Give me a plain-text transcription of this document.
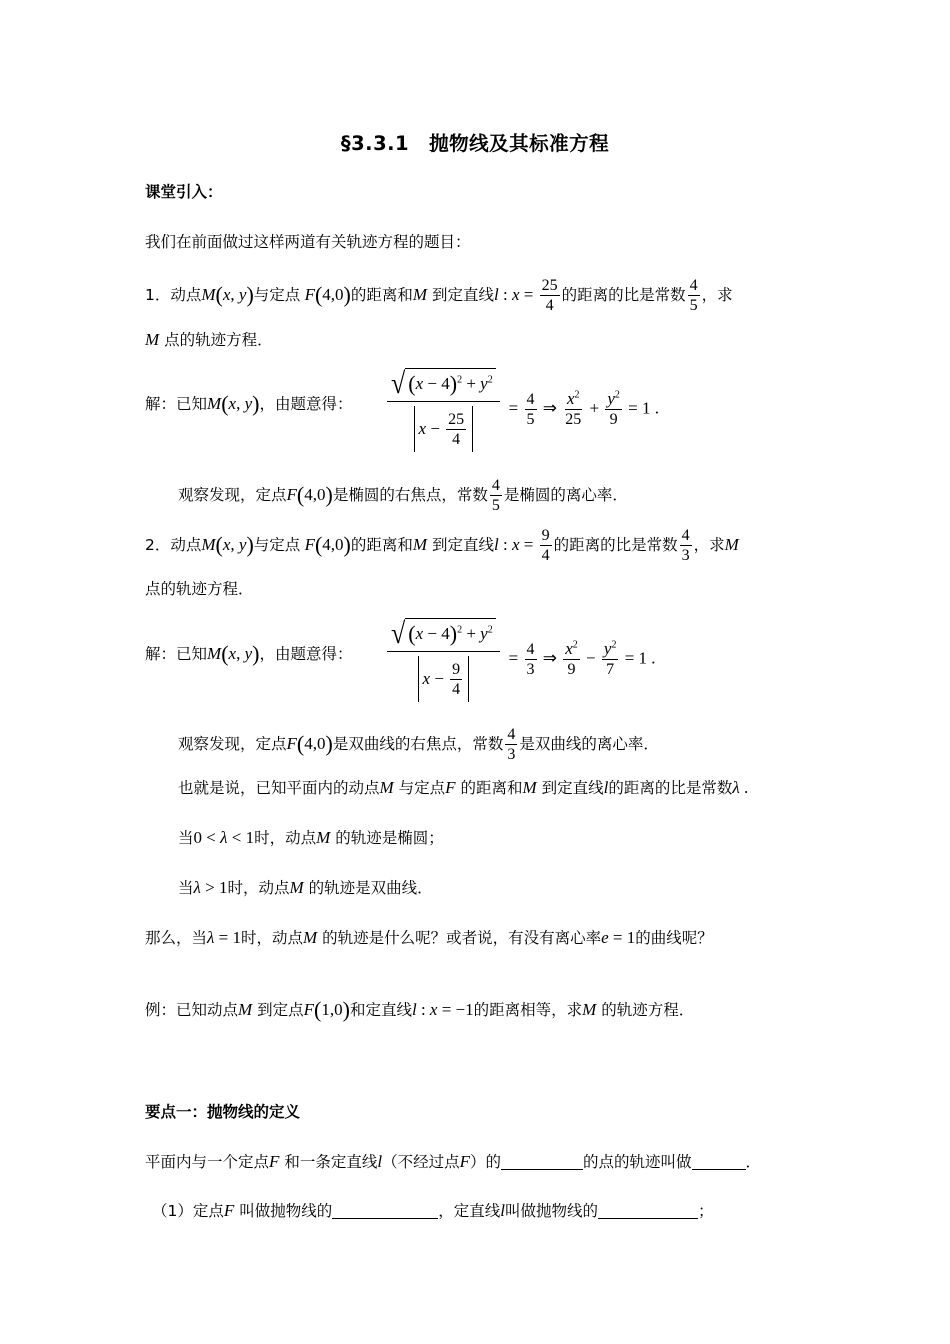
§3.3.1 抛物线及其标准方程
课堂引入：
我们在前面做过这样两道有关轨迹方程的题目：
1．动点M(x, y)与定点 F(4,0)的距离和M 到定直线l : $x = \frac{25}{4}$ 的距离的比是常数 $\frac{4}{5}$ ，求
M 点的轨迹方程．
解：已知M(x, y)，由题意得： $\frac{√ (x - 4)^2 + y^2}{x - \frac{25}{4}} = \frac{4}{5}$ ⇒ $\frac{x^2}{25} + \frac{y^2}{9} = 1$ .
观察发现，定点F(4,0)是椭圆的右焦点，常数 $\frac{4}{5}$ 是椭圆的离心率．
2．动点M(x, y)与定点 F(4,0)的距离和M 到定直线l : $x = \frac{9}{4}$ 的距离的比是常数 $\frac{4}{3}$ ，求M
点的轨迹方程．
解：已知M(x, y)，由题意得： $\frac{√ (x - 4)^2 + y^2}{x - \frac{9}{4}} = \frac{4}{3}$ ⇒ $\frac{x^2}{9} - \frac{y^2}{7} = 1$ .
观察发现，定点F(4,0)是双曲线的右焦点，常数 $\frac{4}{3}$ 是双曲线的离心率．
也就是说，已知平面内的动点M 与定点F 的距离和M 到定直线l的距离的比是常数λ .
当0 < λ < 1时，动点M 的轨迹是椭圆；
当λ > 1时，动点M 的轨迹是双曲线．
那么，当λ = 1时，动点M 的轨迹是什么呢？或者说，有没有离心率e = 1的曲线呢？
例：已知动点M 到定点F(1,0)和定直线l : x = −1的距离相等，求M 的轨迹方程．
要点一：抛物线的定义
平面内与一个定点F 和一条定直线l（不经过点F）的	的点的轨迹叫做	．
（1）定点F 叫做抛物线的	，定直线l叫做抛物线的	；
